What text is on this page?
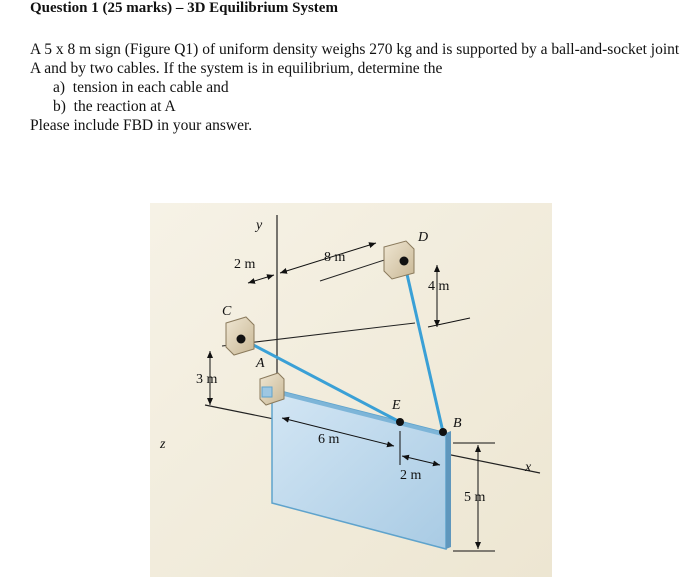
Question 1 (25 marks) – 3D Equilibrium System

A 5 x 8 m sign (Figure Q1) of uniform density weighs 270 kg and is supported by a ball-and-socket joint A and by two cables. If the system is in equilibrium, determine the

a)  tension in each cable and
b)  the reaction at A

Please include FBD in your answer.

y
z
x
C
D
A
E
B
2 m	8 m
4 m
3 m
6 m
2 m
5 m
